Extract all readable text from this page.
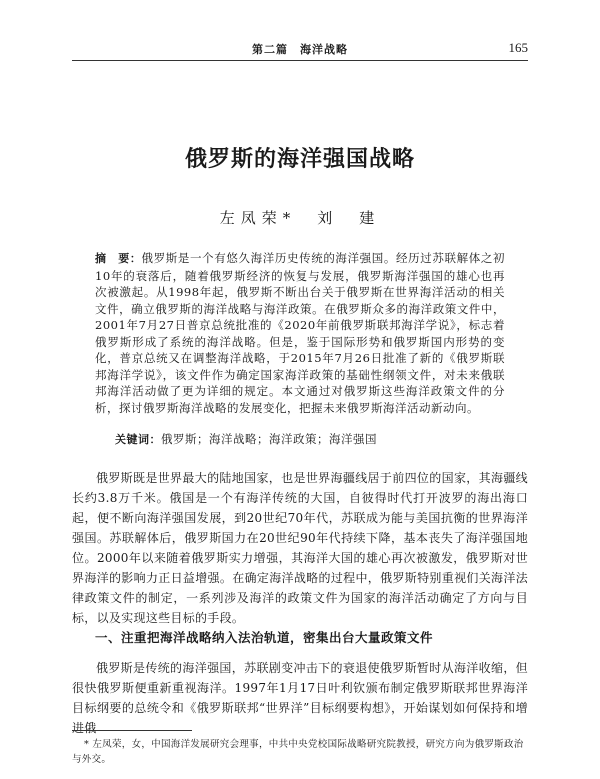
第二篇　海洋战略	165
俄罗斯的海洋强国战略
左凤荣*　刘　建
摘　要：俄罗斯是一个有悠久海洋历史传统的海洋强国。经历过苏联解体之初10年的衰落后，随着俄罗斯经济的恢复与发展，俄罗斯海洋强国的雄心也再次被激起。从1998年起，俄罗斯不断出台关于俄罗斯在世界海洋活动的相关文件，确立俄罗斯的海洋战略与海洋政策。在俄罗斯众多的海洋政策文件中，2001年7月27日普京总统批准的《2020年前俄罗斯联邦海洋学说》，标志着俄罗斯形成了系统的海洋战略。但是，鉴于国际形势和俄罗斯国内形势的变化，普京总统又在调整海洋战略，于2015年7月26日批准了新的《俄罗斯联邦海洋学说》，该文件作为确定国家海洋政策的基础性纲领文件，对未来俄联邦海洋活动做了更为详细的规定。本文通过对俄罗斯这些海洋政策文件的分析，探讨俄罗斯海洋战略的发展变化，把握未来俄罗斯海洋活动新动向。
关键词：俄罗斯；海洋战略；海洋政策；海洋强国

俄罗斯既是世界最大的陆地国家，也是世界海疆线居于前四位的国家，其海疆线长约3.8万千米。俄国是一个有海洋传统的大国，自彼得时代打开波罗的海出海口起，便不断向海洋强国发展，到20世纪70年代，苏联成为能与美国抗衡的世界海洋强国。苏联解体后，俄罗斯国力在20世纪90年代持续下降，基本丧失了海洋强国地位。2000年以来随着俄罗斯实力增强，其海洋大国的雄心再次被激发，俄罗斯对世界海洋的影响力正日益增强。在确定海洋战略的过程中，俄罗斯特别重视们关海洋法律政策文件的制定，一系列涉及海洋的政策文件为国家的海洋活动确定了方向与目标，以及实现这些目标的手段。

一、注重把海洋战略纳入法治轨道，密集出台大量政策文件

俄罗斯是传统的海洋强国，苏联剧变冲击下的衰退使俄罗斯暂时从海洋收缩，但很快俄罗斯便重新重视海洋。1997年1月17日叶利钦颁布制定俄罗斯联邦世界海洋目标纲要的总统令和《俄罗斯联邦“世界洋”目标纲要构想》，开始谋划如何保持和增进俄

* 左凤荣，女，中国海洋发展研究会理事，中共中央党校国际战略研究院教授，研究方向为俄罗斯政治与外交。
